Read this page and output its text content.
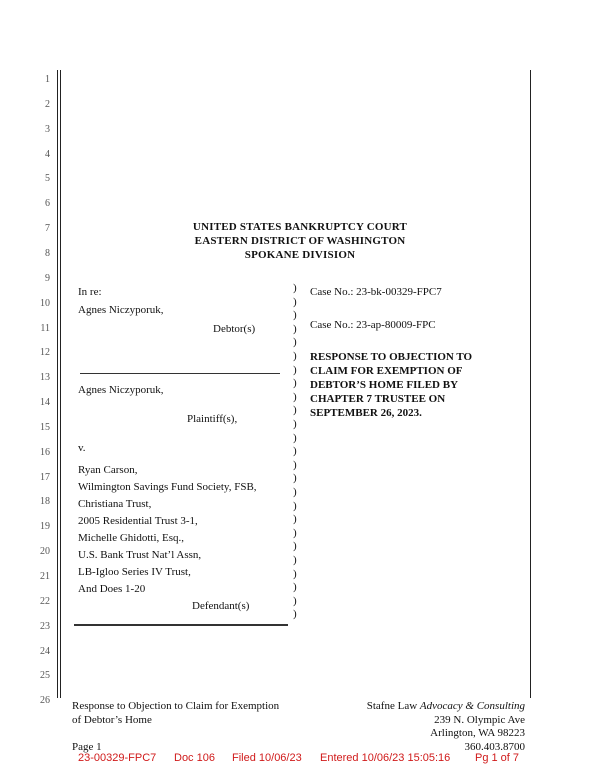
1
2
3
4
5
6
7
8
9
10
11
12
13
14
15
16
17
18
19
20
21
22
23
24
25
26
UNITED STATES BANKRUPTCY COURT
EASTERN DISTRICT OF WASHINGTON
SPOKANE DIVISION
In re:
Agnes Niczyporuk,
Debtor(s)
Agnes Niczyporuk,
Plaintiff(s),
v.
Ryan Carson,
Wilmington Savings Fund Society, FSB,
Christiana Trust,
2005 Residential Trust 3-1,
Michelle Ghidotti, Esq.,
U.S. Bank Trust Nat’l Assn,
LB-Igloo Series IV Trust,
And Does 1-20
Defendant(s)
)
)
)
)
)
)
)
)
)
)
)
)
)
)
)
)
)
)
)
)
)
)
)
)
)
Case No.: 23-bk-00329-FPC7
Case No.: 23-ap-80009-FPC
RESPONSE TO OBJECTION TO CLAIM FOR EXEMPTION OF DEBTOR’S HOME FILED BY CHAPTER 7 TRUSTEE ON SEPTEMBER 26, 2023.
Response to Objection to Claim for Exemption
of Debtor’s Home
Page 1
Stafne Law Advocacy & Consulting
239 N. Olympic Ave
Arlington, WA 98223
360.403.8700
23-00329-FPC7 Doc 106 Filed 10/06/23 Entered 10/06/23 15:05:16 Pg 1 of 7
